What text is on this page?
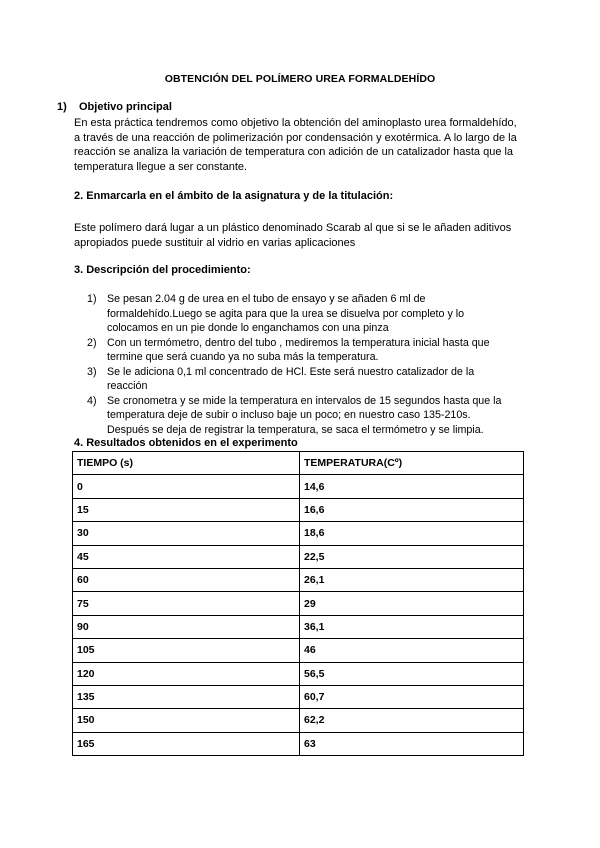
OBTENCIÓN DEL POLÍMERO UREA FORMALDEHÍDO
1) Objetivo principal
En esta práctica tendremos como objetivo la obtención del aminoplasto urea formaldehído,
a través de una reacción de polimerización por condensación y exotérmica. A lo largo de la
reacción se analiza la variación de temperatura con adición de un catalizador hasta que la
temperatura llegue a ser constante.
2. Enmarcarla en el ámbito de la asignatura y de la titulación:
Este polímero dará lugar a un plástico denominado Scarab al que si se le añaden aditivos
apropiados puede sustituir al vidrio en varias aplicaciones
3. Descripción del procedimiento:
1) Se pesan 2.04 g de urea en el tubo de ensayo y se añaden 6 ml de
formaldehído.Luego se agita para que la urea se disuelva por completo y lo
colocamos en un pie donde lo enganchamos con una pinza
2) Con un termómetro, dentro del tubo , mediremos la temperatura inicial hasta que
termine que será cuando ya no suba más la temperatura.
3) Se le adiciona 0,1 ml concentrado de HCl. Este será nuestro catalizador de la
reacción
4) Se cronometra y se mide la temperatura en intervalos de 15 segundos hasta que la
temperatura deje de subir o incluso baje un poco; en nuestro caso 135-210s.
Después se deja de registrar la temperatura, se saca el termómetro y se limpia.
4. Resultados obtenidos en el experimento
TIEMPO (s)	TEMPERATURA(Cº)
0	14,6
15	16,6
30	18,6
45	22,5
60	26,1
75	29
90	36,1
105	46
120	56,5
135	60,7
150	62,2
165	63
